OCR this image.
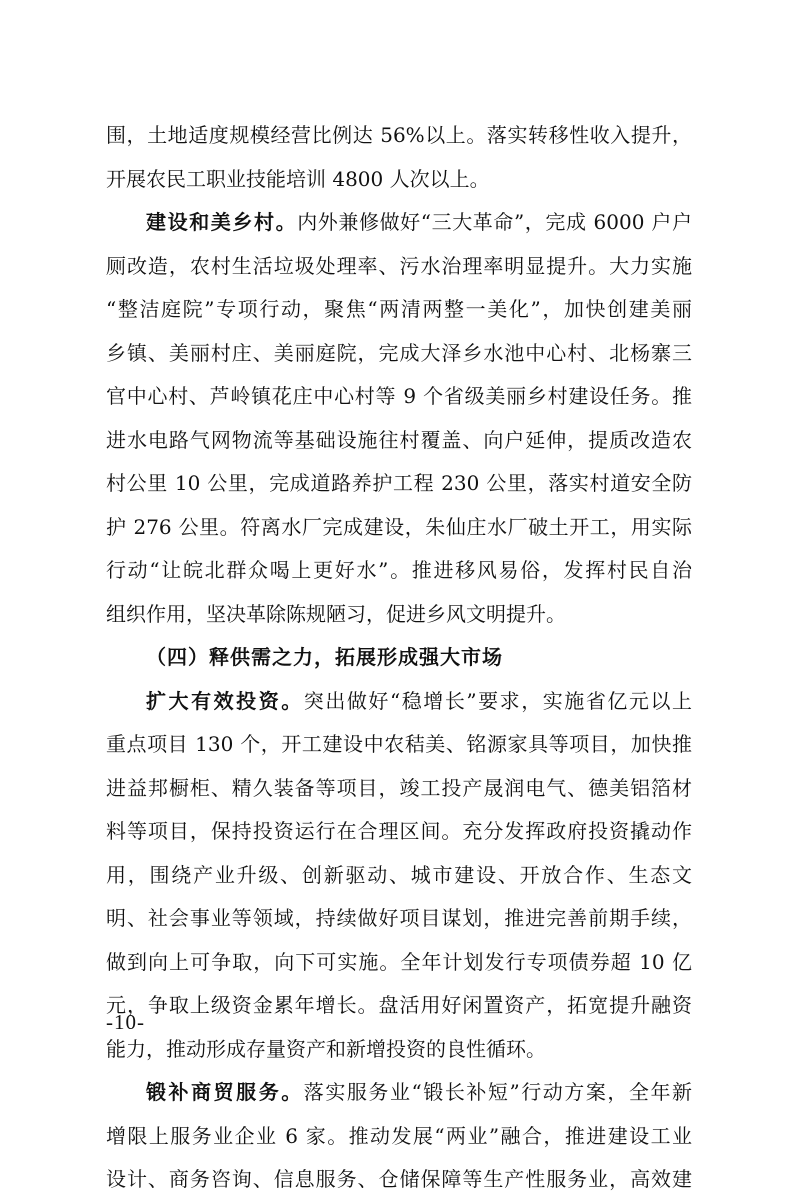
围，土地适度规模经营比例达 56%以上。落实转移性收入提升，
开展农民工职业技能培训 4800 人次以上。
建设和美乡村。内外兼修做好“三大革命”，完成 6000 户户
厕改造，农村生活垃圾处理率、污水治理率明显提升。大力实施
“整洁庭院”专项行动，聚焦“两清两整一美化”，加快创建美丽
乡镇、美丽村庄、美丽庭院，完成大泽乡水池中心村、北杨寨三
官中心村、芦岭镇花庄中心村等 9 个省级美丽乡村建设任务。推
进水电路气网物流等基础设施往村覆盖、向户延伸，提质改造农
村公里 10 公里，完成道路养护工程 230 公里，落实村道安全防
护 276 公里。符离水厂完成建设，朱仙庄水厂破土开工，用实际
行动“让皖北群众喝上更好水”。推进移风易俗，发挥村民自治
组织作用，坚决革除陈规陋习，促进乡风文明提升。
（四）释供需之力，拓展形成强大市场
扩大有效投资。突出做好“稳增长”要求，实施省亿元以上
重点项目 130 个，开工建设中农秸美、铭源家具等项目，加快推
进益邦橱柜、精久装备等项目，竣工投产晟润电气、德美铝箔材
料等项目，保持投资运行在合理区间。充分发挥政府投资撬动作
用，围绕产业升级、创新驱动、城市建设、开放合作、生态文
明、社会事业等领域，持续做好项目谋划，推进完善前期手续，
做到向上可争取，向下可实施。全年计划发行专项债券超 10 亿
元，争取上级资金累年增长。盘活用好闲置资产，拓宽提升融资
能力，推动形成存量资产和新增投资的良性循环。
锻补商贸服务。落实服务业“锻长补短”行动方案，全年新
增限上服务业企业 6 家。推动发展“两业”融合，推进建设工业
设计、商务咨询、信息服务、仓储保障等生产性服务业，高效建
-10-
